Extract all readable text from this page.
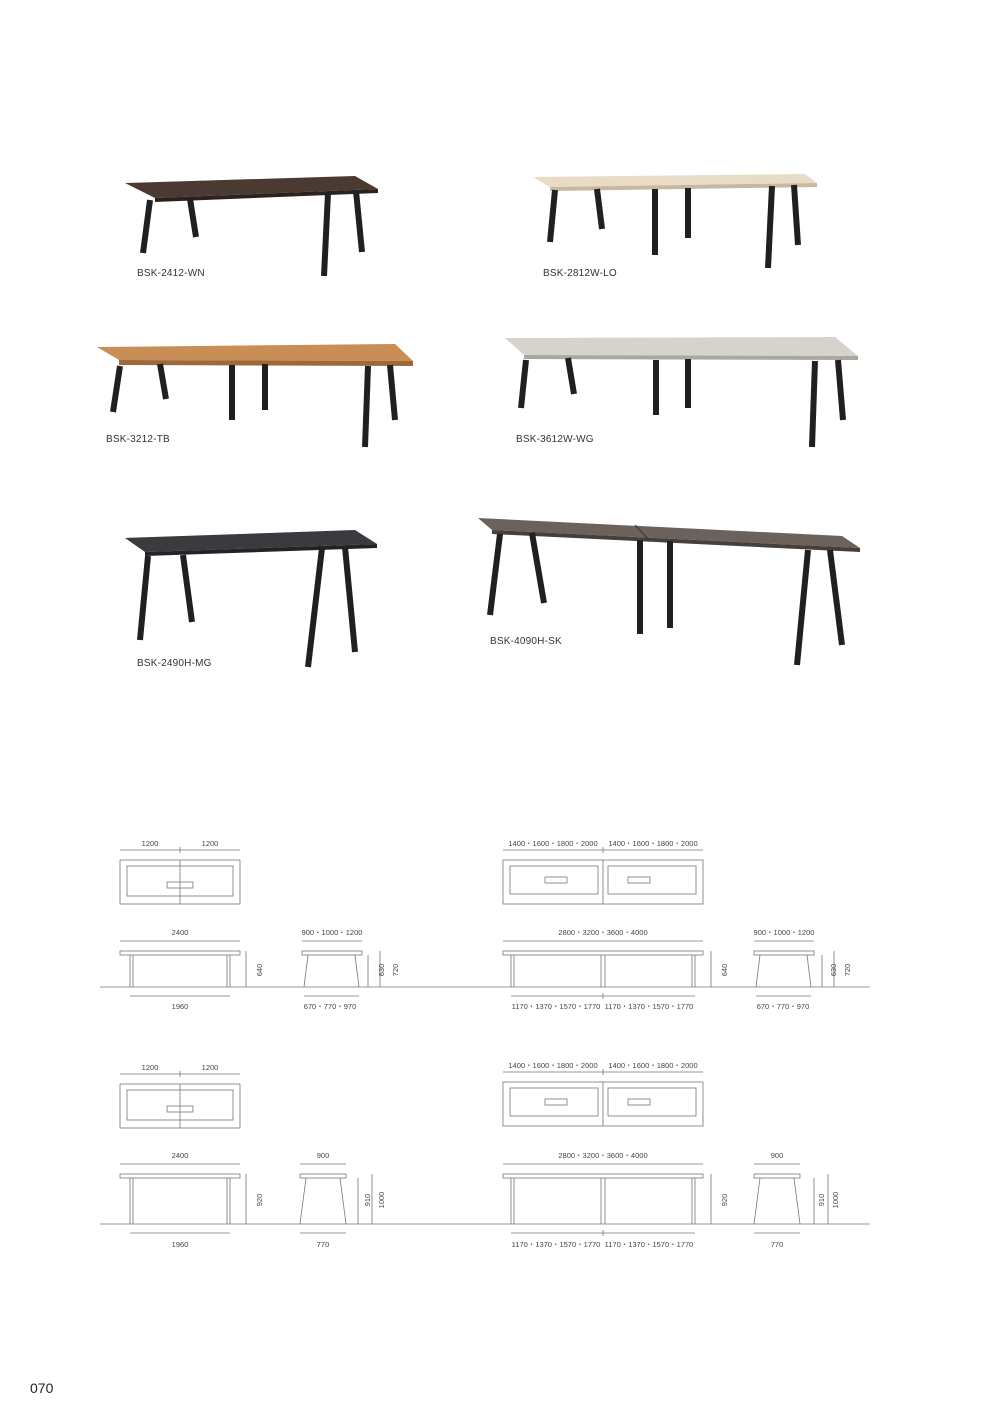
BSK-2412-WN	BSK-2812W-LO
BSK-3212-TB	BSK-3612W-WG
BSK-2490H-MG
BSK-4090H-SK
1200	1200	1400・1600・1800・2000 1400・1600・1800・2000
2400
640
1960
900・1000・1200
630 720
670・770・970
2800・3200・3600・4000
640
1170・1370・1570・1770 1170・1370・1570・1770
900・1000・1200
630 720
670・770・970
1200	1200	1400・1600・1800・2000 1400・1600・1800・2000
2400
920
1960
900
910 1000
770
2800・3200・3600・4000
920
1170・1370・1570・1770 1170・1370・1570・1770
900
910 1000
770
070
